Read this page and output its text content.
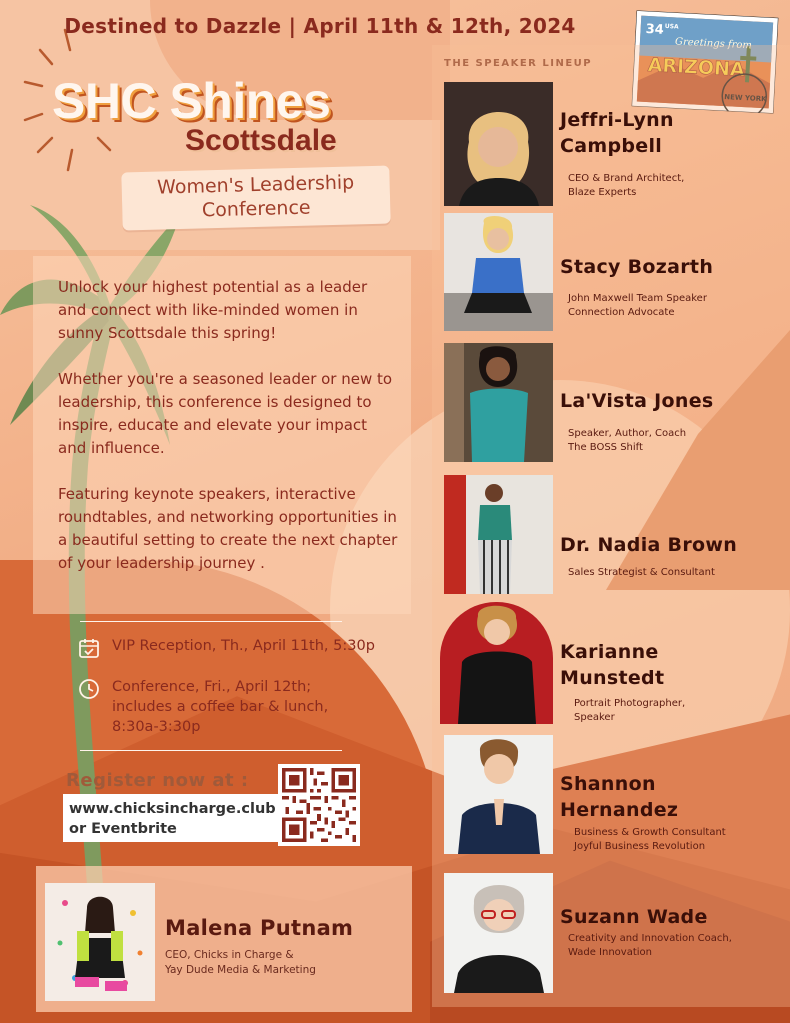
Destined to Dazzle | April 11th & 12th, 2024
SHC Shines
Scottsdale
Women's Leadership
Conference
34 USA
Greetings from
ARIZONA
NEW YORK

Unlock your highest potential as a leader and connect with like-minded women in sunny Scottsdale this spring!

Whether you're a seasoned leader or new to leadership, this conference is designed to inspire, educate and elevate your impact and influence.

Featuring keynote speakers, interactive roundtables, and networking opportunities in a beautiful setting to create the next chapter of your leadership journey .

VIP Reception, Th., April 11th, 5:30p
Conference, Fri., April 12th; includes a coffee bar & lunch, 8:30a-3:30p
Register now at :
www.chicksincharge.club
or Eventbrite
Malena Putnam
CEO, Chicks in Charge &
Yay Dude Media & Marketing
THE SPEAKER LINEUP
Jeffri-Lynn
Campbell
CEO & Brand Architect,
Blaze Experts
Stacy Bozarth
John Maxwell Team Speaker
Connection Advocate
La'Vista Jones
Speaker, Author, Coach
The BOSS Shift
Dr. Nadia Brown
Sales Strategist & Consultant
Karianne
Munstedt
Portrait Photographer,
Speaker
Shannon
Hernandez
Business & Growth Consultant
Joyful Business Revolution
Suzann Wade
Creativity and Innovation Coach,
Wade Innovation
